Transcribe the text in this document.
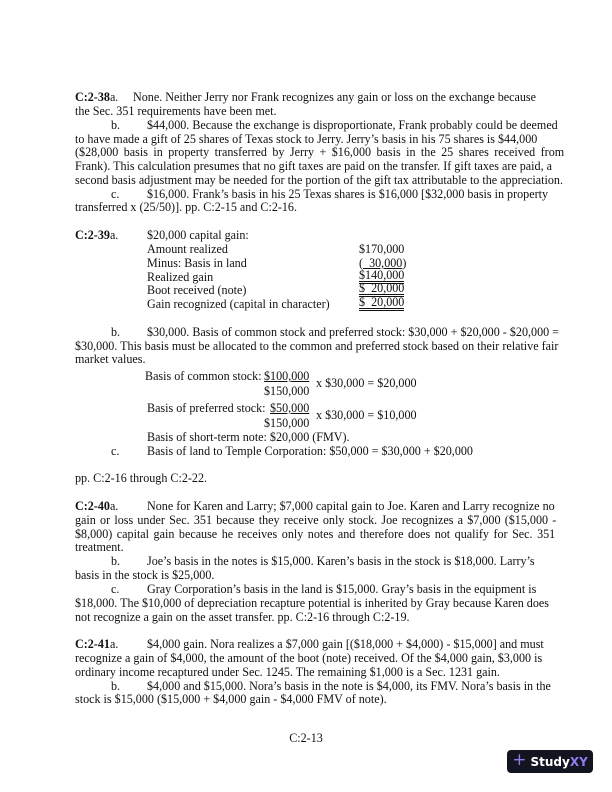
C:2-38a. None. Neither Jerry nor Frank recognizes any gain or loss on the exchange because
the Sec. 351 requirements have been met.
b. $44,000. Because the exchange is disproportionate, Frank probably could be deemed
to have made a gift of 25 shares of Texas stock to Jerry. Jerry’s basis in his 75 shares is $44,000
($28,000 basis in property transferred by Jerry + $16,000 basis in the 25 shares received from
Frank). This calculation presumes that no gift taxes are paid on the transfer. If gift taxes are paid, a
second basis adjustment may be needed for the portion of the gift tax attributable to the appreciation.
c. $16,000. Frank’s basis in his 25 Texas shares is $16,000 [$32,000 basis in property
transferred x (25/50)]. pp. C:2-15 and C:2-16.
C:2-39a. $20,000 capital gain:
Amount realized	$170,000
Minus: Basis in land	(  30,000)
Realized gain	$140,000
Boot received (note)	$  20,000
Gain recognized (capital in character) $  20,000
b. $30,000. Basis of common stock and preferred stock: $30,000 + $20,000 - $20,000 =
$30,000. This basis must be allocated to the common and preferred stock based on their relative fair
market values.
Basis of common stock: $100,000
$150,000
x $30,000 = $20,000
Basis of preferred stock: $50,000
$150,000
x $30,000 = $10,000
Basis of short-term note: $20,000 (FMV).
c. Basis of land to Temple Corporation: $50,000 = $30,000 + $20,000
pp. C:2-16 through C:2-22.
C:2-40a. None for Karen and Larry; $7,000 capital gain to Joe. Karen and Larry recognize no
gain or loss under Sec. 351 because they receive only stock. Joe recognizes a $7,000 ($15,000 -
$8,000) capital gain because he receives only notes and therefore does not qualify for Sec. 351
treatment.
b. Joe’s basis in the notes is $15,000. Karen’s basis in the stock is $18,000. Larry’s
basis in the stock is $25,000.
c. Gray Corporation’s basis in the land is $15,000. Gray’s basis in the equipment is
$18,000. The $10,000 of depreciation recapture potential is inherited by Gray because Karen does
not recognize a gain on the asset transfer. pp. C:2-16 through C:2-19.
C:2-41a. $4,000 gain. Nora realizes a $7,000 gain [($18,000 + $4,000) - $15,000] and must
recognize a gain of $4,000, the amount of the boot (note) received. Of the $4,000 gain, $3,000 is
ordinary income recaptured under Sec. 1245. The remaining $1,000 is a Sec. 1231 gain.
b. $4,000 and $15,000. Nora’s basis in the note is $4,000, its FMV. Nora’s basis in the
stock is $15,000 ($15,000 + $4,000 gain - $4,000 FMV of note).
C:2-13
+ StudyXY
